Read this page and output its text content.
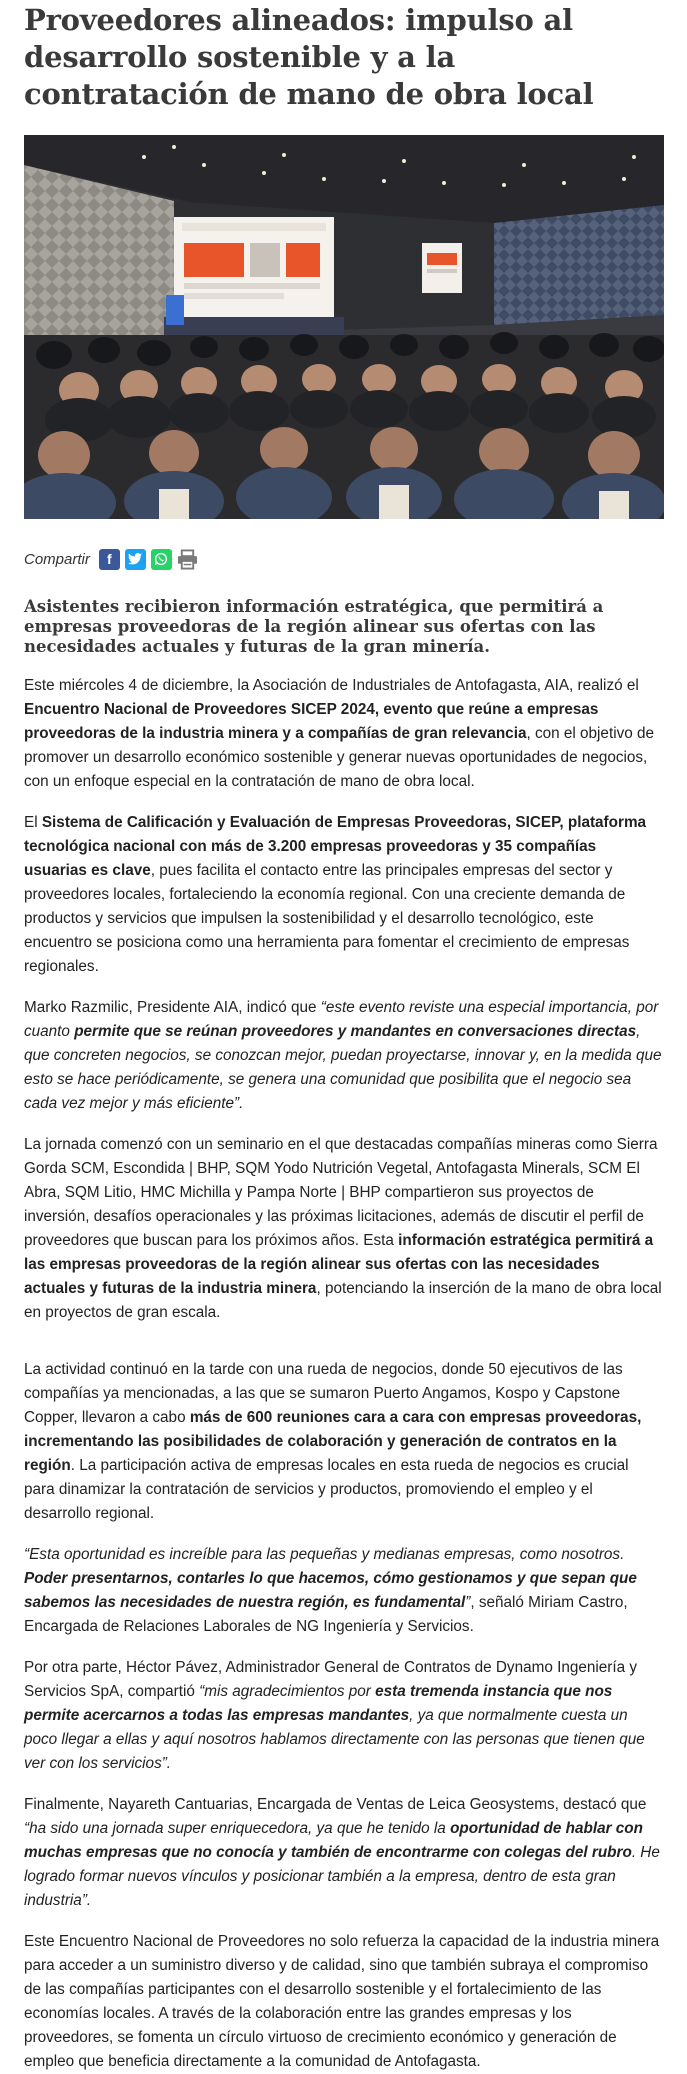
Proveedores alineados: impulso al desarrollo sostenible y a la contratación de mano de obra local
Compartir	f
Asistentes recibieron información estratégica, que permitirá a empresas proveedoras de la región alinear sus ofertas con las necesidades actuales y futuras de la gran minería.

Este miércoles 4 de diciembre, la Asociación de Industriales de Antofagasta, AIA, realizó el Encuentro Nacional de Proveedores SICEP 2024, evento que reúne a empresas proveedoras de la industria minera y a compañías de gran relevancia, con el objetivo de promover un desarrollo económico sostenible y generar nuevas oportunidades de negocios, con un enfoque especial en la contratación de mano de obra local.

El Sistema de Calificación y Evaluación de Empresas Proveedoras, SICEP, plataforma tecnológica nacional con más de 3.200 empresas proveedoras y 35 compañías usuarias es clave, pues facilita el contacto entre las principales empresas del sector y proveedores locales, fortaleciendo la economía regional. Con una creciente demanda de productos y servicios que impulsen la sostenibilidad y el desarrollo tecnológico, este encuentro se posiciona como una herramienta para fomentar el crecimiento de empresas regionales.

Marko Razmilic, Presidente AIA, indicó que “este evento reviste una especial importancia, por cuanto permite que se reúnan proveedores y mandantes en conversaciones directas, que concreten negocios, se conozcan mejor, puedan proyectarse, innovar y, en la medida que esto se hace periódicamente, se genera una comunidad que posibilita que el negocio sea cada vez mejor y más eficiente”.

La jornada comenzó con un seminario en el que destacadas compañías mineras como Sierra Gorda SCM, Escondida | BHP, SQM Yodo Nutrición Vegetal, Antofagasta Minerals, SCM El Abra, SQM Litio, HMC Michilla y Pampa Norte | BHP compartieron sus proyectos de inversión, desafíos operacionales y las próximas licitaciones, además de discutir el perfil de proveedores que buscan para los próximos años. Esta información estratégica permitirá a las empresas proveedoras de la región alinear sus ofertas con las necesidades actuales y futuras de la industria minera, potenciando la inserción de la mano de obra local en proyectos de gran escala.

La actividad continuó en la tarde con una rueda de negocios, donde 50 ejecutivos de las compañías ya mencionadas, a las que se sumaron Puerto Angamos, Kospo y Capstone Copper, llevaron a cabo más de 600 reuniones cara a cara con empresas proveedoras, incrementando las posibilidades de colaboración y generación de contratos en la región. La participación activa de empresas locales en esta rueda de negocios es crucial para dinamizar la contratación de servicios y productos, promoviendo el empleo y el desarrollo regional.

“Esta oportunidad es increíble para las pequeñas y medianas empresas, como nosotros. Poder presentarnos, contarles lo que hacemos, cómo gestionamos y que sepan que sabemos las necesidades de nuestra región, es fundamental”, señaló Miriam Castro, Encargada de Relaciones Laborales de NG Ingeniería y Servicios.

Por otra parte, Héctor Pávez, Administrador General de Contratos de Dynamo Ingeniería y Servicios SpA, compartió “mis agradecimientos por esta tremenda instancia que nos permite acercarnos a todas las empresas mandantes, ya que normalmente cuesta un poco llegar a ellas y aquí nosotros hablamos directamente con las personas que tienen que ver con los servicios”.

Finalmente, Nayareth Cantuarias, Encargada de Ventas de Leica Geosystems, destacó que “ha sido una jornada super enriquecedora, ya que he tenido la oportunidad de hablar con muchas empresas que no conocía y también de encontrarme con colegas del rubro. He logrado formar nuevos vínculos y posicionar también a la empresa, dentro de esta gran industria”.

Este Encuentro Nacional de Proveedores no solo refuerza la capacidad de la industria minera para acceder a un suministro diverso y de calidad, sino que también subraya el compromiso de las compañías participantes con el desarrollo sostenible y el fortalecimiento de las economías locales. A través de la colaboración entre las grandes empresas y los proveedores, se fomenta un círculo virtuoso de crecimiento económico y generación de empleo que beneficia directamente a la comunidad de Antofagasta.
